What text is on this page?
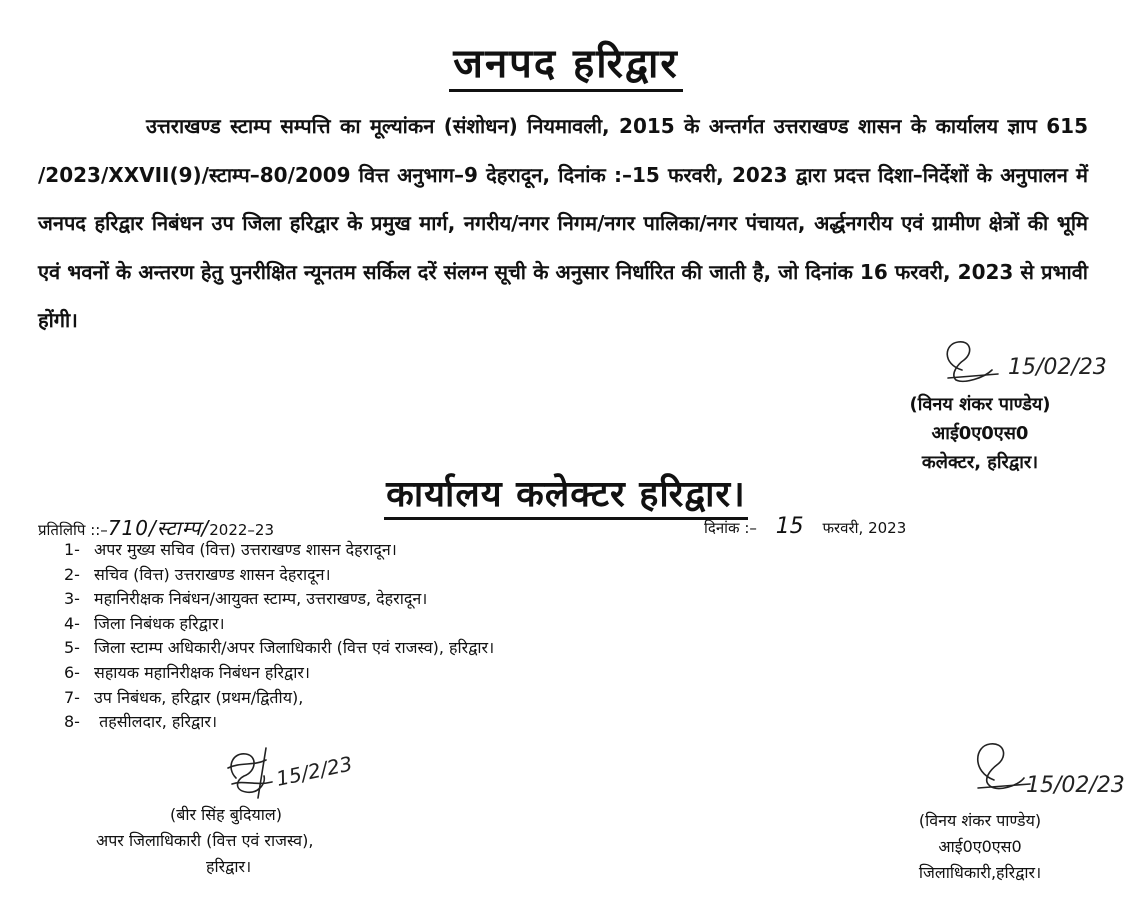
जनपद हरिद्वार
उत्तराखण्ड स्टाम्प सम्पत्ति का मूल्यांकन (संशोधन) नियमावली, 2015 के अन्तर्गत उत्तराखण्ड शासन के कार्यालय ज्ञाप 615 /2023/XXVII(9)/स्टाम्प–80/2009 वित्त अनुभाग–9 देहरादून, दिनांक :–15 फरवरी, 2023 द्वारा प्रदत्त दिशा–निर्देशों के अनुपालन में जनपद हरिद्वार निबंधन उप जिला हरिद्वार के प्रमुख मार्ग, नगरीय/नगर निगम/नगर पालिका/नगर पंचायत, अर्द्धनगरीय एवं ग्रामीण क्षेत्रों की भूमि एवं भवनों के अन्तरण हेतु पुनरीक्षित न्यूनतम सर्किल दरें संलग्न सूची के अनुसार निर्धारित की जाती है, जो दिनांक 16 फरवरी, 2023 से प्रभावी होंगी।
15/02/23
(विनय शंकर पाण्डेय)
आई0ए0एस0
कलेक्टर, हरिद्वार।
कार्यालय कलेक्टर हरिद्वार।
प्रतिलिपि ::–710/स्टाम्प/2022–23	दिनांक :– 15 फरवरी, 2023
1- अपर मुख्य सचिव (वित्त) उत्तराखण्ड शासन देहरादून।
2- सचिव (वित्त) उत्तराखण्ड शासन देहरादून।
3- महानिरीक्षक निबंधन/आयुक्त स्टाम्प, उत्तराखण्ड, देहरादून।
4- जिला निबंधक हरिद्वार।
5- जिला स्टाम्प अधिकारी/अपर जिलाधिकारी (वित्त एवं राजस्व), हरिद्वार।
6- सहायक महानिरीक्षक निबंधन हरिद्वार।
7- उप निबंधक, हरिद्वार (प्रथम/द्वितीय),
8- तहसीलदार, हरिद्वार।
15/2/23
(बीर सिंह बुदियाल)
अपर जिलाधिकारी (वित्त एवं राजस्व),
हरिद्वार।
15/02/23
(विनय शंकर पाण्डेय)
आई0ए0एस0
जिलाधिकारी,हरिद्वार।
